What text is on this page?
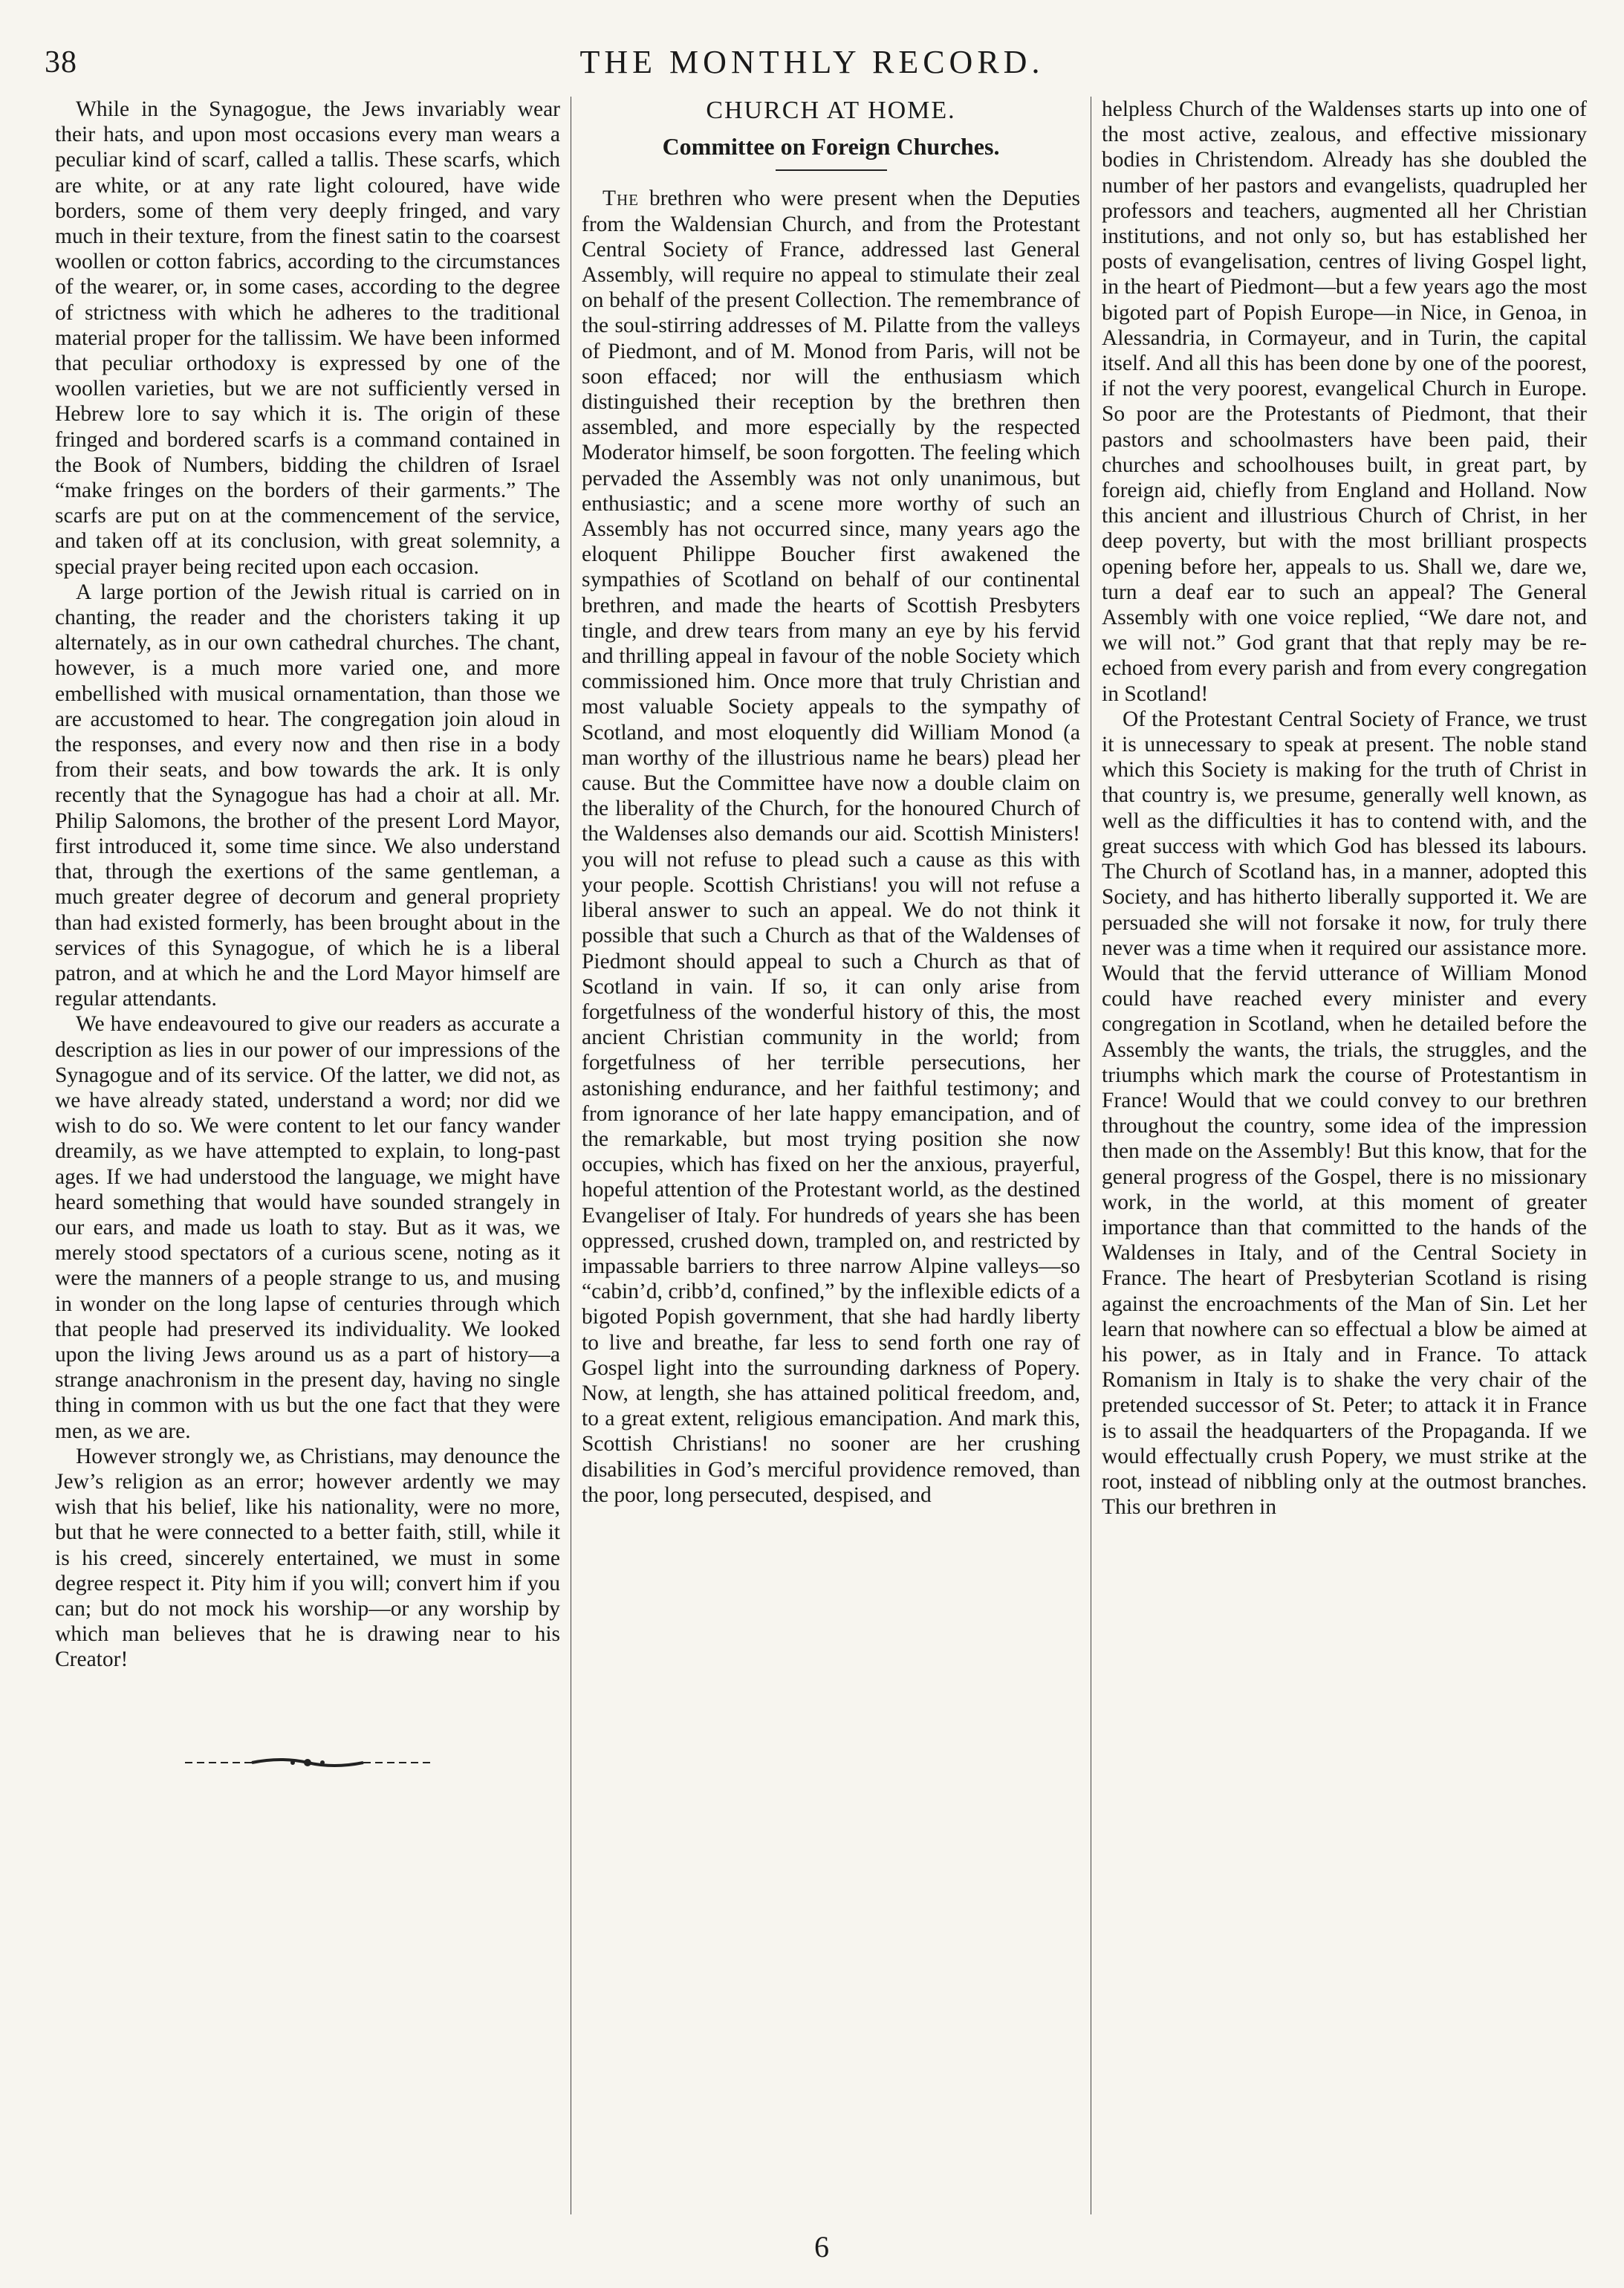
38	THE MONTHLY RECORD.

While in the Synagogue, the Jews invariably wear their hats, and upon most occasions every man wears a peculiar kind of scarf, called a tallis. These scarfs, which are white, or at any rate light coloured, have wide borders, some of them very deeply fringed, and vary much in their texture, from the finest satin to the coarsest woollen or cotton fabrics, according to the circumstances of the wearer, or, in some cases, according to the degree of strictness with which he adheres to the traditional material proper for the tallissim. We have been informed that peculiar orthodoxy is expressed by one of the woollen varieties, but we are not sufficiently versed in Hebrew lore to say which it is. The origin of these fringed and bordered scarfs is a command contained in the Book of Numbers, bidding the children of Israel “make fringes on the borders of their garments.” The scarfs are put on at the commencement of the service, and taken off at its conclusion, with great solemnity, a special prayer being recited upon each occasion.

A large portion of the Jewish ritual is carried on in chanting, the reader and the choristers taking it up alternately, as in our own cathedral churches. The chant, however, is a much more varied one, and more embellished with musical ornamentation, than those we are accustomed to hear. The congregation join aloud in the responses, and every now and then rise in a body from their seats, and bow towards the ark. It is only recently that the Synagogue has had a choir at all. Mr. Philip Salomons, the brother of the present Lord Mayor, first introduced it, some time since. We also understand that, through the exertions of the same gentleman, a much greater degree of decorum and general propriety than had existed formerly, has been brought about in the services of this Synagogue, of which he is a liberal patron, and at which he and the Lord Mayor himself are regular attendants.

We have endeavoured to give our readers as accurate a description as lies in our power of our impressions of the Synagogue and of its service. Of the latter, we did not, as we have already stated, understand a word; nor did we wish to do so. We were content to let our fancy wander dreamily, as we have attempted to explain, to long-past ages. If we had understood the language, we might have heard something that would have sounded strangely in our ears, and made us loath to stay. But as it was, we merely stood spectators of a curious scene, noting as it were the manners of a people strange to us, and musing in wonder on the long lapse of centuries through which that people had preserved its individuality. We looked upon the living Jews around us as a part of history—a strange anachronism in the present day, having no single thing in common with us but the one fact that they were men, as we are.

However strongly we, as Christians, may denounce the Jew’s religion as an error; however ardently we may wish that his belief, like his nationality, were no more, but that he were connected to a better faith, still, while it is his creed, sincerely entertained, we must in some degree respect it. Pity him if you will; convert him if you can; but do not mock his worship—or any worship by which man believes that he is drawing near to his Creator!

CHURCH AT HOME.
Committee on Foreign Churches.

The brethren who were present when the Deputies from the Waldensian Church, and from the Protestant Central Society of France, addressed last General Assembly, will require no appeal to stimulate their zeal on behalf of the present Collection. The remembrance of the soul-stirring addresses of M. Pilatte from the valleys of Piedmont, and of M. Monod from Paris, will not be soon effaced; nor will the enthusiasm which distinguished their reception by the brethren then assembled, and more especially by the respected Moderator himself, be soon forgotten. The feeling which pervaded the Assembly was not only unanimous, but enthusiastic; and a scene more worthy of such an Assembly has not occurred since, many years ago the eloquent Philippe Boucher first awakened the sympathies of Scotland on behalf of our continental brethren, and made the hearts of Scottish Presbyters tingle, and drew tears from many an eye by his fervid and thrilling appeal in favour of the noble Society which commissioned him. Once more that truly Christian and most valuable Society appeals to the sympathy of Scotland, and most eloquently did William Monod (a man worthy of the illustrious name he bears) plead her cause. But the Committee have now a double claim on the liberality of the Church, for the honoured Church of the Waldenses also demands our aid. Scottish Ministers! you will not refuse to plead such a cause as this with your people. Scottish Christians! you will not refuse a liberal answer to such an appeal. We do not think it possible that such a Church as that of the Waldenses of Piedmont should appeal to such a Church as that of Scotland in vain. If so, it can only arise from forgetfulness of the wonderful history of this, the most ancient Christian community in the world; from forgetfulness of her terrible persecutions, her astonishing endurance, and her faithful testimony; and from ignorance of her late happy emancipation, and of the remarkable, but most trying position she now occupies, which has fixed on her the anxious, prayerful, hopeful attention of the Protestant world, as the destined Evangeliser of Italy. For hundreds of years she has been oppressed, crushed down, trampled on, and restricted by impassable barriers to three narrow Alpine valleys—so “cabin’d, cribb’d, confined,” by the inflexible edicts of a bigoted Popish government, that she had hardly liberty to live and breathe, far less to send forth one ray of Gospel light into the surrounding darkness of Popery. Now, at length, she has attained political freedom, and, to a great extent, religious emancipation. And mark this, Scottish Christians! no sooner are her crushing disabilities in God’s merciful providence removed, than the poor, long persecuted, despised, and

helpless Church of the Waldenses starts up into one of the most active, zealous, and effective missionary bodies in Christendom. Already has she doubled the number of her pastors and evangelists, quadrupled her professors and teachers, augmented all her Christian institutions, and not only so, but has established her posts of evangelisation, centres of living Gospel light, in the heart of Piedmont—but a few years ago the most bigoted part of Popish Europe—in Nice, in Genoa, in Alessandria, in Cormayeur, and in Turin, the capital itself. And all this has been done by one of the poorest, if not the very poorest, evangelical Church in Europe. So poor are the Protestants of Piedmont, that their pastors and schoolmasters have been paid, their churches and schoolhouses built, in great part, by foreign aid, chiefly from England and Holland. Now this ancient and illustrious Church of Christ, in her deep poverty, but with the most brilliant prospects opening before her, appeals to us. Shall we, dare we, turn a deaf ear to such an appeal? The General Assembly with one voice replied, “We dare not, and we will not.” God grant that that reply may be re-echoed from every parish and from every congregation in Scotland!

Of the Protestant Central Society of France, we trust it is unnecessary to speak at present. The noble stand which this Society is making for the truth of Christ in that country is, we presume, generally well known, as well as the difficulties it has to contend with, and the great success with which God has blessed its labours. The Church of Scotland has, in a manner, adopted this Society, and has hitherto liberally supported it. We are persuaded she will not forsake it now, for truly there never was a time when it required our assistance more. Would that the fervid utterance of William Monod could have reached every minister and every congregation in Scotland, when he detailed before the Assembly the wants, the trials, the struggles, and the triumphs which mark the course of Protestantism in France! Would that we could convey to our brethren throughout the country, some idea of the impression then made on the Assembly! But this know, that for the general progress of the Gospel, there is no missionary work, in the world, at this moment of greater importance than that committed to the hands of the Waldenses in Italy, and of the Central Society in France. The heart of Presbyterian Scotland is rising against the encroachments of the Man of Sin. Let her learn that nowhere can so effectual a blow be aimed at his power, as in Italy and in France. To attack Romanism in Italy is to shake the very chair of the pretended successor of St. Peter; to attack it in France is to assail the headquarters of the Propaganda. If we would effectually crush Popery, we must strike at the root, instead of nibbling only at the outmost branches. This our brethren in

6
